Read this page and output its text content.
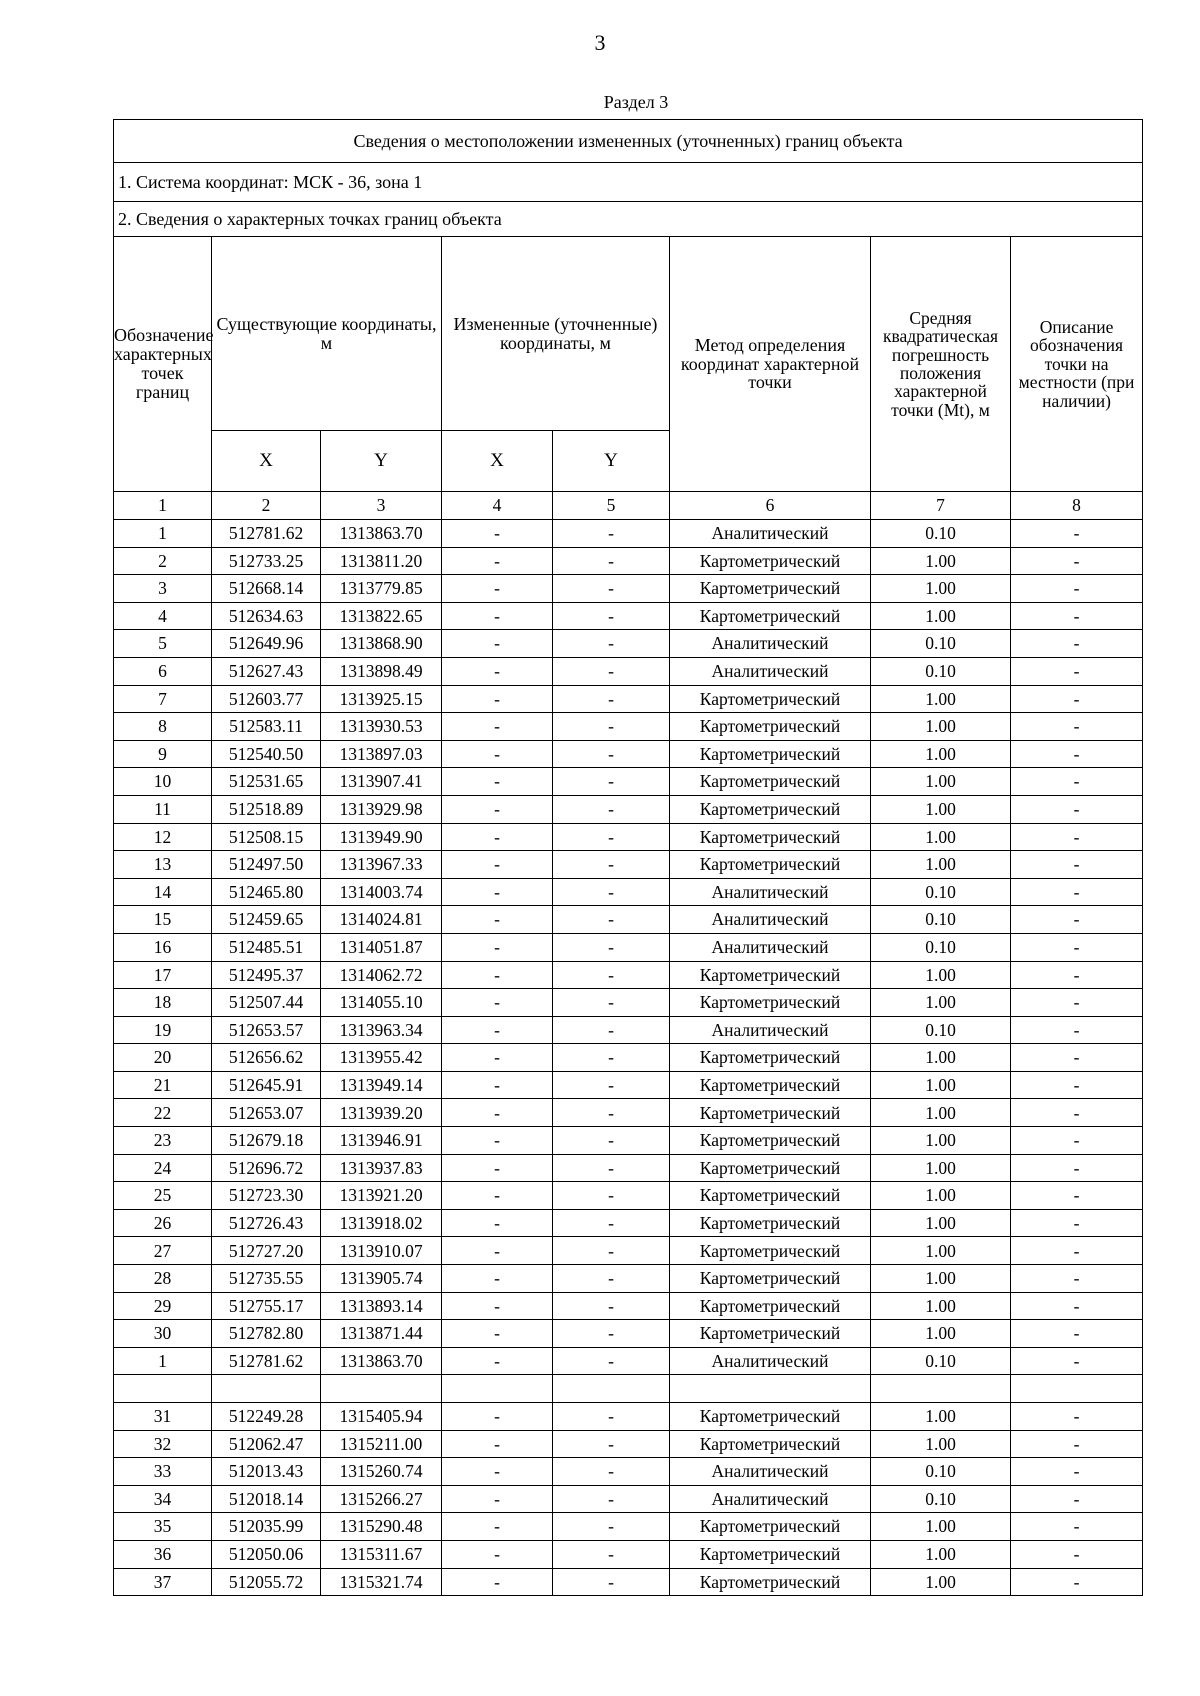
3
Раздел 3
Сведения о местоположении измененных (уточненных) границ объекта							
1. Система координат: МСК - 36, зона 1							
2. Сведения о характерных точках границ объекта							
Обозначение характерных точек границ	Существующие координаты, м		Измененные (уточненные) координаты, м		Метод определения координат характерной точки	Средняя квадратическая погрешность положения характерной точки (Mt), м	Описание обозначения точки на местности (при наличии)
	X	Y	X	Y			
1	2	3	4	5	6	7	8
1	512781.62	1313863.70	-	-	Аналитический	0.10	-
2	512733.25	1313811.20	-	-	Картометрический	1.00	-
3	512668.14	1313779.85	-	-	Картометрический	1.00	-
4	512634.63	1313822.65	-	-	Картометрический	1.00	-
5	512649.96	1313868.90	-	-	Аналитический	0.10	-
6	512627.43	1313898.49	-	-	Аналитический	0.10	-
7	512603.77	1313925.15	-	-	Картометрический	1.00	-
8	512583.11	1313930.53	-	-	Картометрический	1.00	-
9	512540.50	1313897.03	-	-	Картометрический	1.00	-
10	512531.65	1313907.41	-	-	Картометрический	1.00	-
11	512518.89	1313929.98	-	-	Картометрический	1.00	-
12	512508.15	1313949.90	-	-	Картометрический	1.00	-
13	512497.50	1313967.33	-	-	Картометрический	1.00	-
14	512465.80	1314003.74	-	-	Аналитический	0.10	-
15	512459.65	1314024.81	-	-	Аналитический	0.10	-
16	512485.51	1314051.87	-	-	Аналитический	0.10	-
17	512495.37	1314062.72	-	-	Картометрический	1.00	-
18	512507.44	1314055.10	-	-	Картометрический	1.00	-
19	512653.57	1313963.34	-	-	Аналитический	0.10	-
20	512656.62	1313955.42	-	-	Картометрический	1.00	-
21	512645.91	1313949.14	-	-	Картометрический	1.00	-
22	512653.07	1313939.20	-	-	Картометрический	1.00	-
23	512679.18	1313946.91	-	-	Картометрический	1.00	-
24	512696.72	1313937.83	-	-	Картометрический	1.00	-
25	512723.30	1313921.20	-	-	Картометрический	1.00	-
26	512726.43	1313918.02	-	-	Картометрический	1.00	-
27	512727.20	1313910.07	-	-	Картометрический	1.00	-
28	512735.55	1313905.74	-	-	Картометрический	1.00	-
29	512755.17	1313893.14	-	-	Картометрический	1.00	-
30	512782.80	1313871.44	-	-	Картометрический	1.00	-
1	512781.62	1313863.70	-	-	Аналитический	0.10	-

31	512249.28	1315405.94	-	-	Картометрический	1.00	-
32	512062.47	1315211.00	-	-	Картометрический	1.00	-
33	512013.43	1315260.74	-	-	Аналитический	0.10	-
34	512018.14	1315266.27	-	-	Аналитический	0.10	-
35	512035.99	1315290.48	-	-	Картометрический	1.00	-
36	512050.06	1315311.67	-	-	Картометрический	1.00	-
37	512055.72	1315321.74	-	-	Картометрический	1.00	-
